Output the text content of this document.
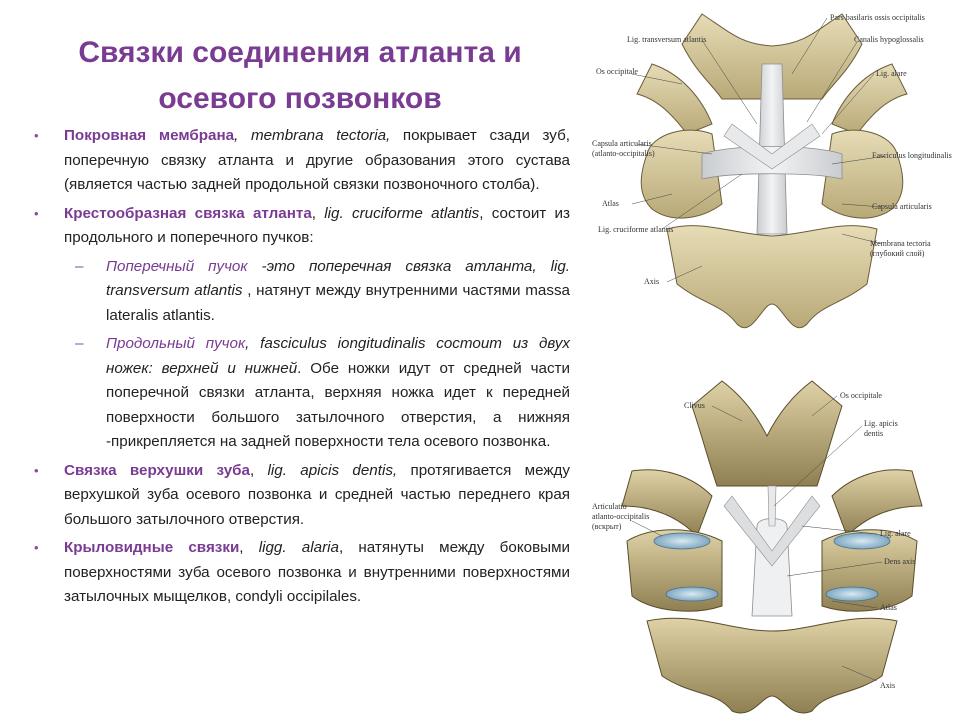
Связки соединения атланта и
осевого позвонков
• Покровная мембрана, membrana tectoria, покрывает сзади зуб, поперечную связку атланта и другие образования этого сустава (является частью задней продольной связки позвоночного столба).
• Крестообразная связка атланта, lig. cruciforme atlantis, состоит из продольного и поперечного пучков:
– Поперечный пучок -это поперечная связка атланта, lig. transversum atlantis , натянут между внутренними частями massa lateralis atlantis.
– Продольный пучок, fasciculus iongitudinalis состоит из двух ножек: верхней и нижней. Обе ножки идут от средней части поперечной связки атланта, верхняя ножка идет к передней поверхности большого затылочного отверстия, а нижняя -прикрепляется на задней поверхности тела осевого позвонка.
• Связка верхушки зуба, lig. apicis dentis, протягивается между верхушкой зуба осевого позвонка и средней частью переднего края большого затылочного отверстия.
• Крыловидные связки, ligg. alaria, натянуты между боковыми поверхностями зуба осевого позвонка и внутренними поверхностями затылочных мыщелков, condyli occipilales.
Pars basilaris ossis occipitalis
Lig. transversum atlantis	Canalis hypoglossalis
Os occipitale	Lig. alare
Capsula articularis
(atlanto-occipitalis)	Fasciculus longitudinalis
Atlas	Capsula articularis
Lig. cruciforme atlantis
Membrana tectoria
(глубокий слой)
Axis
Clivus
Os occipitale
Lig. apicis
dentis
Articulatio
atlanto-occipitalis
(вскрыт)
Lig. alare
Dens axis
Atlas
Axis
